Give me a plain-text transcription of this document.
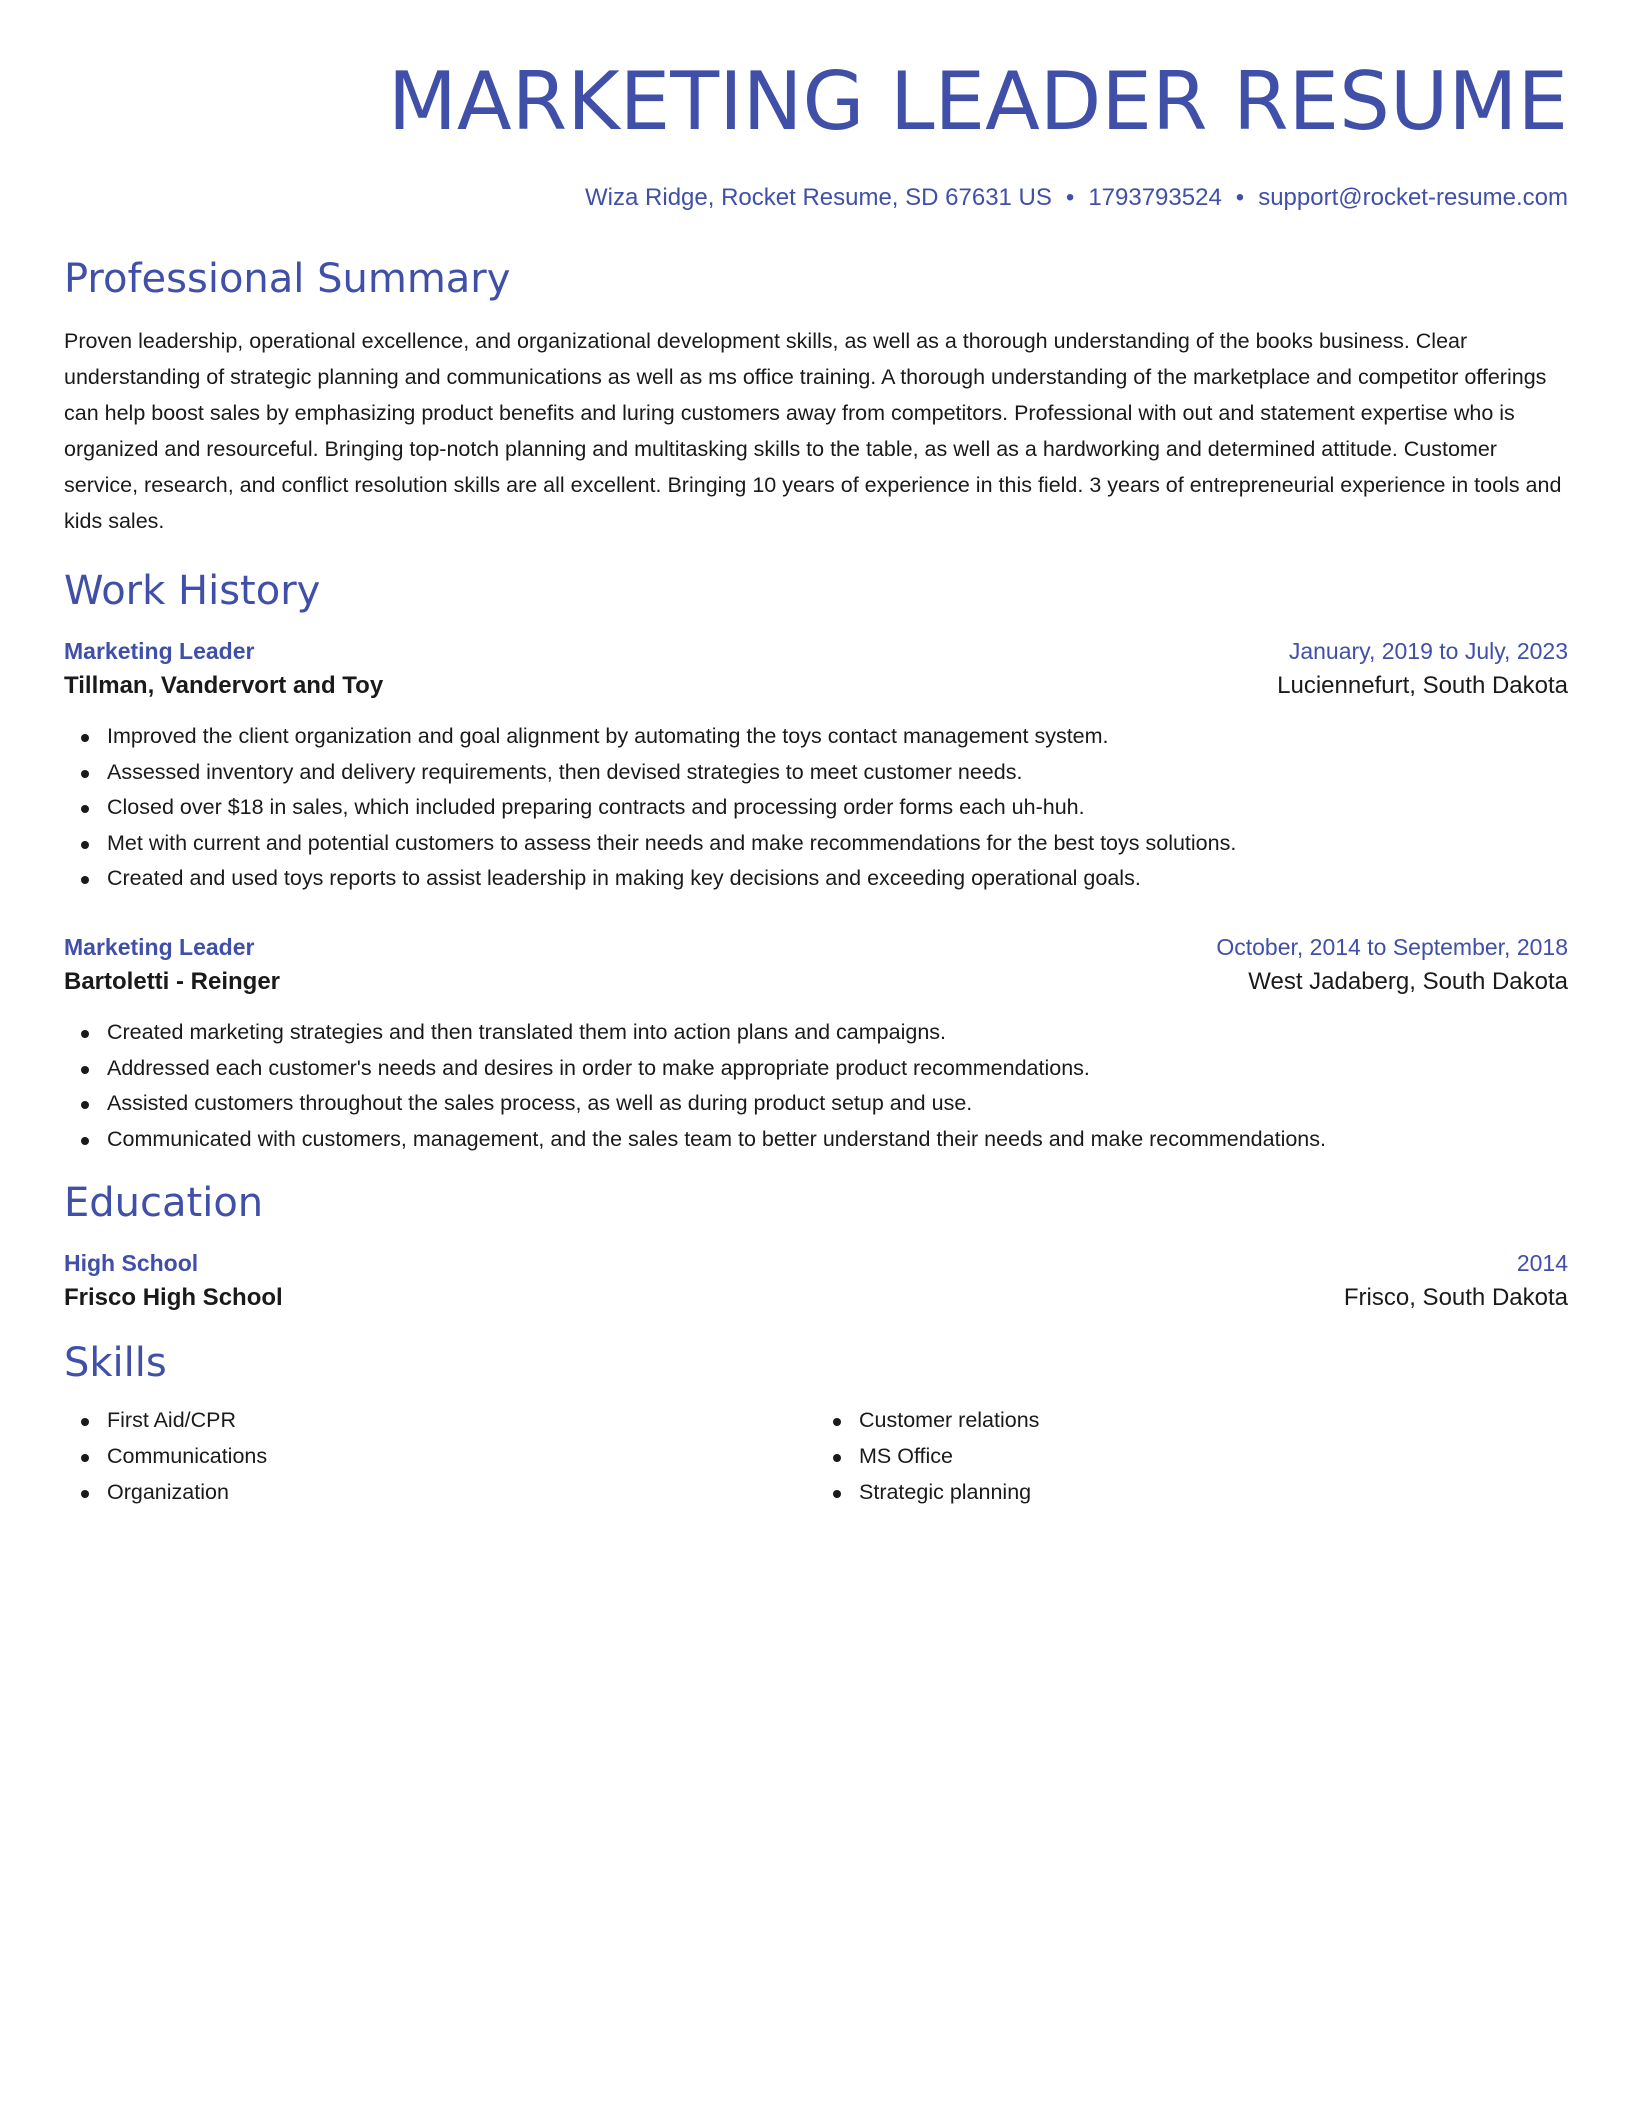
MARKETING LEADER RESUME
Wiza Ridge, Rocket Resume, SD 67631 US • 1793793524 • support@rocket-resume.com
Professional Summary
Proven leadership, operational excellence, and organizational development skills, as well as a thorough understanding of the books business. Clear understanding of strategic planning and communications as well as ms office training. A thorough understanding of the marketplace and competitor offerings can help boost sales by emphasizing product benefits and luring customers away from competitors. Professional with out and statement expertise who is organized and resourceful. Bringing top-notch planning and multitasking skills to the table, as well as a hardworking and determined attitude. Customer service, research, and conflict resolution skills are all excellent. Bringing 10 years of experience in this field. 3 years of entrepreneurial experience in tools and kids sales.
Work History
Marketing Leader	January, 2019 to July, 2023
Tillman, Vandervort and Toy	Luciennefurt, South Dakota
Improved the client organization and goal alignment by automating the toys contact management system.
Assessed inventory and delivery requirements, then devised strategies to meet customer needs.
Closed over $18 in sales, which included preparing contracts and processing order forms each uh-huh.
Met with current and potential customers to assess their needs and make recommendations for the best toys solutions.
Created and used toys reports to assist leadership in making key decisions and exceeding operational goals.
Marketing Leader	October, 2014 to September, 2018
Bartoletti - Reinger	West Jadaberg, South Dakota
Created marketing strategies and then translated them into action plans and campaigns.
Addressed each customer's needs and desires in order to make appropriate product recommendations.
Assisted customers throughout the sales process, as well as during product setup and use.
Communicated with customers, management, and the sales team to better understand their needs and make recommendations.
Education
High School	2014
Frisco High School	Frisco, South Dakota
Skills
First Aid/CPR
Communications
Organization
Customer relations
MS Office
Strategic planning
